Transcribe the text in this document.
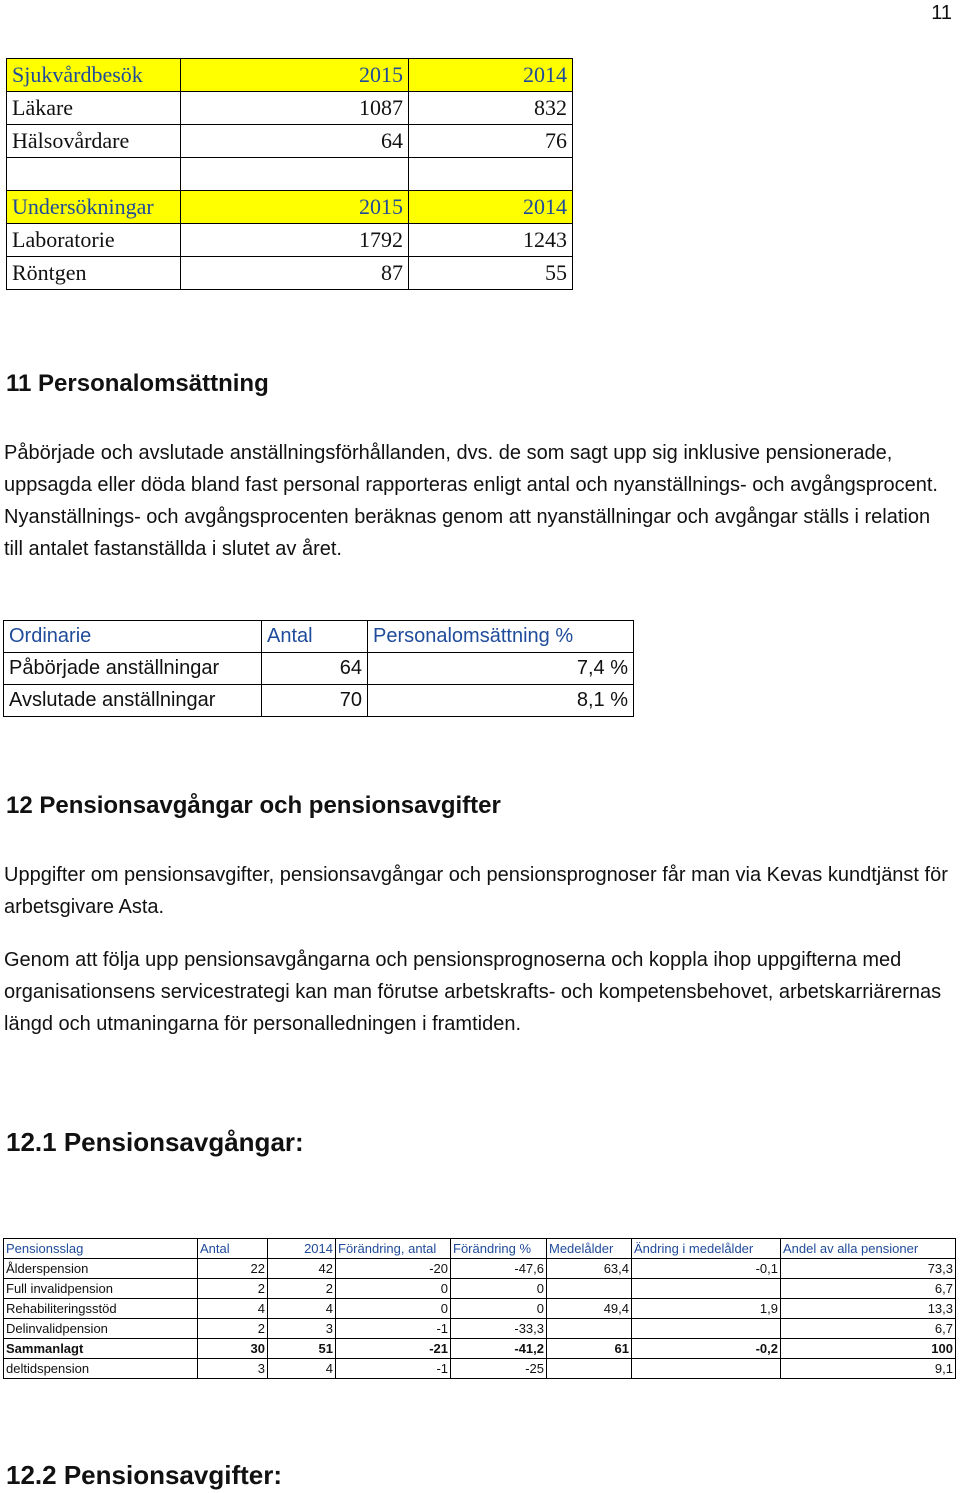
11
Sjukvårdbesök	2015	2014
Läkare	1087	832
Hälsovårdare	64	76

Undersökningar	2015	2014
Laboratorie	1792	1243
Röntgen	87	55
11 Personalomsättning

Påbörjade och avslutade anställningsförhållanden, dvs. de som sagt upp sig inklusive pensionerade, uppsagda eller döda bland fast personal rapporteras enligt antal och nyanställnings- och avgångsprocent. Nyanställnings- och avgångsprocenten beräknas genom att nyanställningar och avgångar ställs i relation till antalet fastanställda i slutet av året.

Ordinarie	Antal	Personalomsättning %
Påbörjade anställningar	64	7,4 %
Avslutade anställningar	70	8,1 %
12 Pensionsavgångar och pensionsavgifter

Uppgifter om pensionsavgifter, pensionsavgångar och pensionsprognoser får man via Kevas kundtjänst för arbetsgivare Asta.

Genom att följa upp pensionsavgångarna och pensionsprognoserna och koppla ihop uppgifterna med organisationsens servicestrategi kan man förutse arbetskrafts- och kompetensbehovet, arbetskarriärernas längd och utmaningarna för personalledningen i framtiden.

12.1 Pensionsavgångar:
Pensionsslag	Antal	2014	Förändring, antal	Förändring %	Medelålder	Ändring i medelålder	Andel av alla pensioner
Ålderspension	22	42	-20	-47,6	63,4	-0,1	73,3
Full invalidpension	2	2	0	0			6,7
Rehabiliteringsstöd	4	4	0	0	49,4	1,9	13,3
Delinvalidpension	2	3	-1	-33,3			6,7
Sammanlagt	30	51	-21	-41,2	61	-0,2	100
deltidspension	3	4	-1	-25			9,1
12.2 Pensionsavgifter:
